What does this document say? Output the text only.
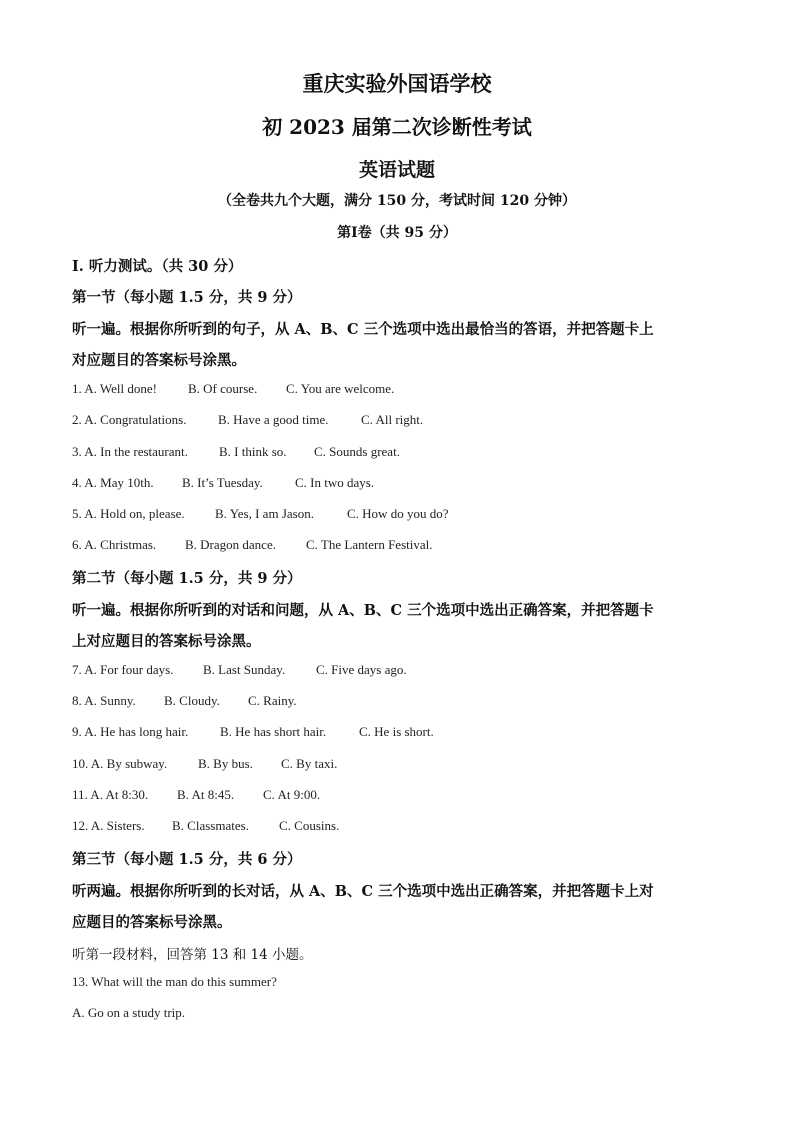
重庆实验外国语学校
初 2023 届第二次诊断性考试
英语试题
（全卷共九个大题，满分 150 分，考试时间 120 分钟）
第Ⅰ卷（共 95 分）
Ⅰ. 听力测试。（共 30 分）
第一节（每小题 1.5 分，共 9 分）
听一遍。根据你所听到的句子，从 A、B、C 三个选项中选出最恰当的答语，并把答题卡上
对应题目的答案标号涂黑。
1. A. Well done! B. Of course. C. You are welcome.
2. A. Congratulations. B. Have a good time.	C. All right.
3. A. In the restaurant. B. I think so. C. Sounds great.
4. A. May 10th. B. It’s Tuesday. C. In two days.
5. A. Hold on, please. B. Yes, I am Jason.	C. How do you do?
6. A. Christmas. B. Dragon dance. C. The Lantern Festival.
第二节（每小题 1.5 分，共 9 分）
听一遍。根据你所听到的对话和问题，从 A、B、C 三个选项中选出正确答案，并把答题卡
上对应题目的答案标号涂黑。
7. A. For four days. B. Last Sunday. C. Five days ago.
8. A. Sunny. B. Cloudy. C. Rainy.
9. A. He has long hair. B. He has short hair.	C. He is short.
10. A. By subway. B. By bus. C. By taxi.
11. A. At 8:30. B. At 8:45. C. At 9:00.
12. A. Sisters. B. Classmates. C. Cousins.
第三节（每小题 1.5 分，共 6 分）
听两遍。根据你所听到的长对话，从 A、B、C 三个选项中选出正确答案，并把答题卡上对
应题目的答案标号涂黑。
听第一段材料，回答第 13 和 14 小题。
13. What will the man do this summer?
A. Go on a study trip.
